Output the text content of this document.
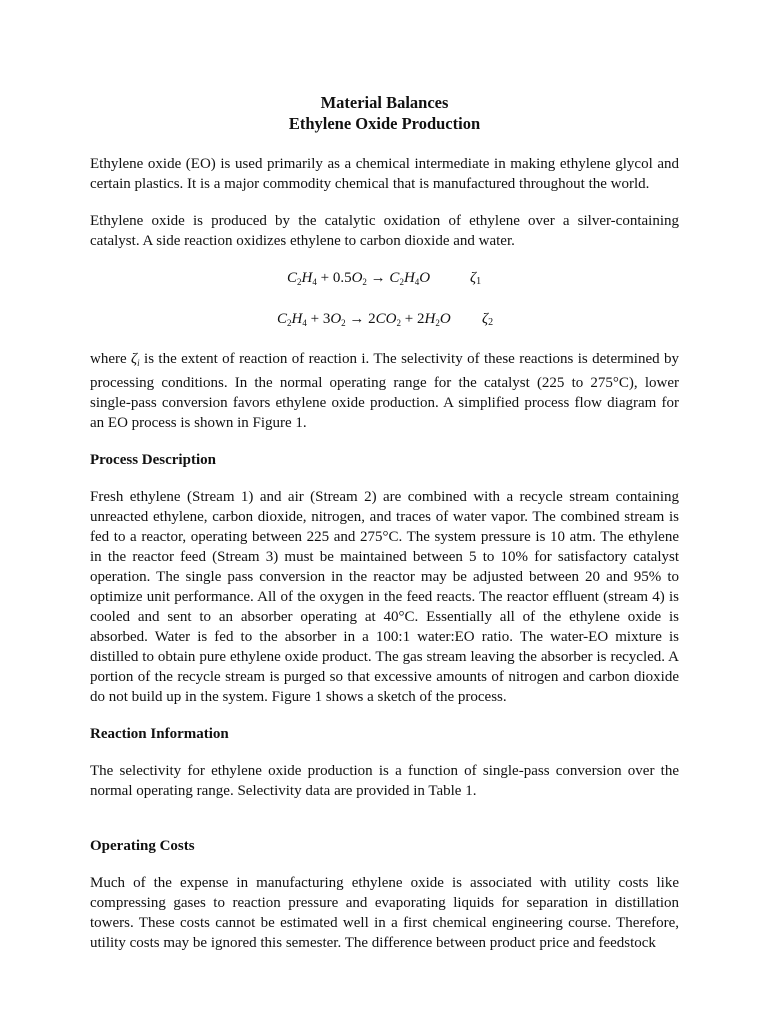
Material Balances
Ethylene Oxide Production

Ethylene oxide (EO) is used primarily as a chemical intermediate in making ethylene glycol and certain plastics. It is a major commodity chemical that is manufactured throughout the world.

Ethylene oxide is produced by the catalytic oxidation of ethylene over a silver-containing catalyst. A side reaction oxidizes ethylene to carbon dioxide and water.

$C_2H_4 + 0.5O_2 \to C_2H_4O$	$\zeta_1$
$C_2H_4 + 3O_2 \to 2CO_2 + 2H_2O$ $\zeta_2$

where $\zeta_i$ is the extent of reaction of reaction i. The selectivity of these reactions is determined by processing conditions. In the normal operating range for the catalyst (225 to 275°C), lower single-pass conversion favors ethylene oxide production. A simplified process flow diagram for an EO process is shown in Figure 1.

Process Description

Fresh ethylene (Stream 1) and air (Stream 2) are combined with a recycle stream containing unreacted ethylene, carbon dioxide, nitrogen, and traces of water vapor. The combined stream is fed to a reactor, operating between 225 and 275°C. The system pressure is 10 atm. The ethylene in the reactor feed (Stream 3) must be maintained between 5 to 10% for satisfactory catalyst operation. The single pass conversion in the reactor may be adjusted between 20 and 95% to optimize unit performance. All of the oxygen in the feed reacts. The reactor effluent (stream 4) is cooled and sent to an absorber operating at 40°C. Essentially all of the ethylene oxide is absorbed. Water is fed to the absorber in a 100:1 water:EO ratio. The water-EO mixture is distilled to obtain pure ethylene oxide product. The gas stream leaving the absorber is recycled. A portion of the recycle stream is purged so that excessive amounts of nitrogen and carbon dioxide do not build up in the system. Figure 1 shows a sketch of the process.

Reaction Information

The selectivity for ethylene oxide production is a function of single-pass conversion over the normal operating range. Selectivity data are provided in Table 1.

Operating Costs

Much of the expense in manufacturing ethylene oxide is associated with utility costs like compressing gases to reaction pressure and evaporating liquids for separation in distillation towers. These costs cannot be estimated well in a first chemical engineering course. Therefore, utility costs may be ignored this semester. The difference between product price and feedstock
